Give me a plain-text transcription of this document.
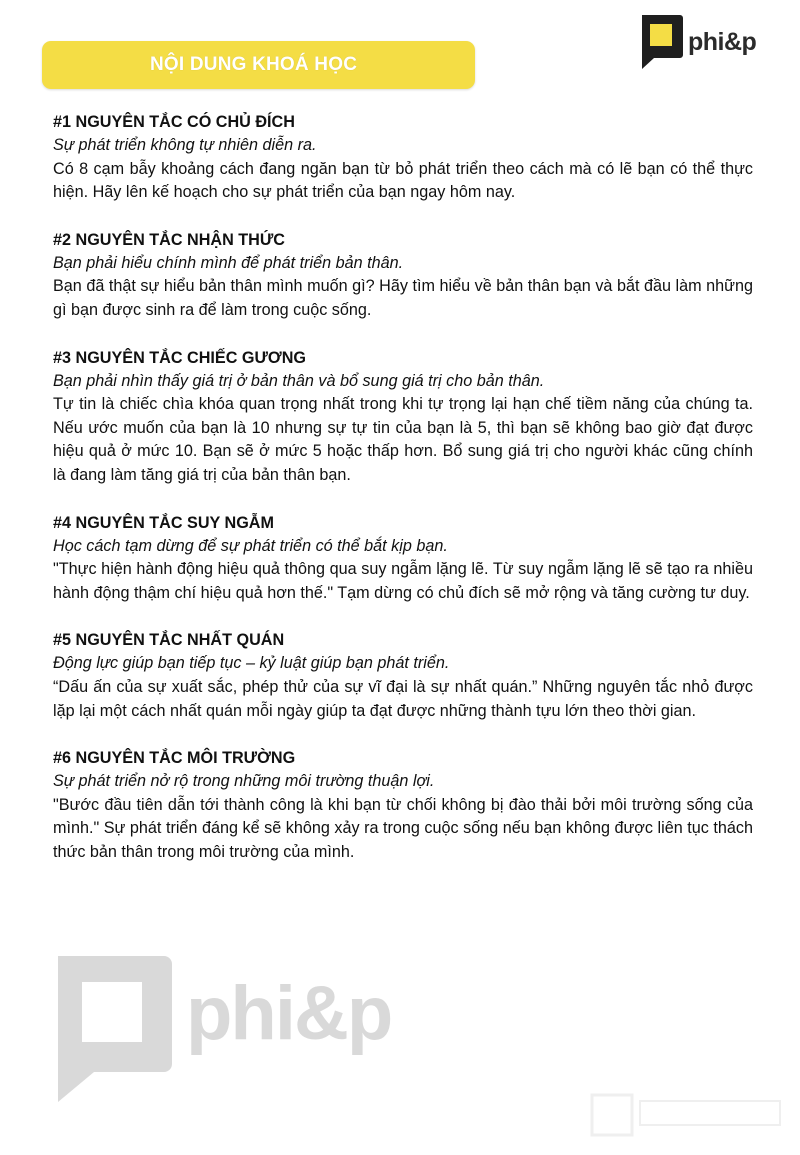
NỘI DUNG KHOÁ HỌC
phi&p
#1 NGUYÊN TẮC CÓ CHỦ ĐÍCH
Sự phát triển không tự nhiên diễn ra.
Có 8 cạm bẫy khoảng cách đang ngăn bạn từ bỏ phát triển theo cách mà có lẽ bạn có thể thực hiện. Hãy lên kế hoạch cho sự phát triển của bạn ngay hôm nay.
#2 NGUYÊN TẮC NHẬN THỨC
Bạn phải hiểu chính mình để phát triển bản thân.
Bạn đã thật sự hiểu bản thân mình muốn gì? Hãy tìm hiểu về bản thân bạn và bắt đầu làm những gì bạn được sinh ra để làm trong cuộc sống.
#3 NGUYÊN TẮC CHIẾC GƯƠNG
Bạn phải nhìn thấy giá trị ở bản thân và bổ sung giá trị cho bản thân.
Tự tin là chiếc chìa khóa quan trọng nhất trong khi tự trọng lại hạn chế tiềm năng của chúng ta. Nếu ước muốn của bạn là 10 nhưng sự tự tin của bạn là 5, thì bạn sẽ không bao giờ đạt được hiệu quả ở mức 10. Bạn sẽ ở mức 5 hoặc thấp hơn. Bổ sung giá trị cho người khác cũng chính là đang làm tăng giá trị của bản thân bạn.
#4 NGUYÊN TẮC SUY NGẪM
Học cách tạm dừng để sự phát triển có thể bắt kịp bạn.
"Thực hiện hành động hiệu quả thông qua suy ngẫm lặng lẽ. Từ suy ngẫm lặng lẽ sẽ tạo ra nhiều hành động thậm chí hiệu quả hơn thế." Tạm dừng có chủ đích sẽ mở rộng và tăng cường tư duy.
#5 NGUYÊN TẮC NHẤT QUÁN
Động lực giúp bạn tiếp tục – kỷ luật giúp bạn phát triển.
“Dấu ấn của sự xuất sắc, phép thử của sự vĩ đại là sự nhất quán.” Những nguyên tắc nhỏ được lặp lại một cách nhất quán mỗi ngày giúp ta đạt được những thành tựu lớn theo thời gian.
#6 NGUYÊN TẮC MÔI TRƯỜNG
Sự phát triển nở rộ trong những môi trường thuận lợi.
"Bước đầu tiên dẫn tới thành công là khi bạn từ chối không bị đào thải bởi môi trường sống của mình." Sự phát triển đáng kể sẽ không xảy ra trong cuộc sống nếu bạn không được liên tục thách thức bản thân trong môi trường của mình.
phi&p
